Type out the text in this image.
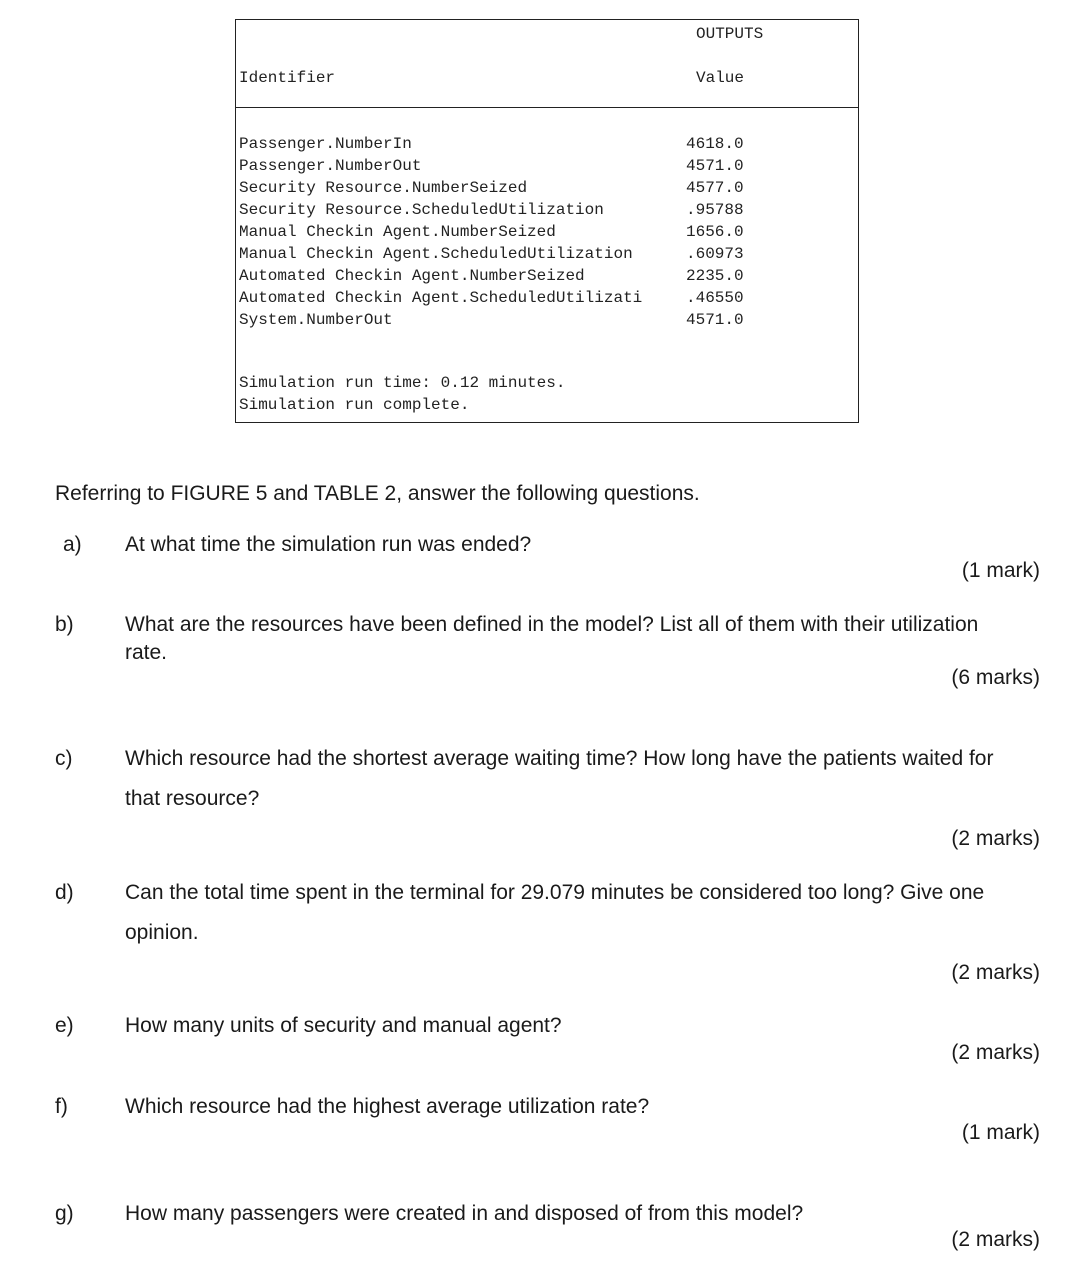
OUTPUTS
Identifier	Value
Passenger.NumberIn	4618.0
Passenger.NumberOut	4571.0
Security Resource.NumberSeized	4577.0
Security Resource.ScheduledUtilization	.95788
Manual Checkin Agent.NumberSeized	1656.0
Manual Checkin Agent.ScheduledUtilization	.60973
Automated Checkin Agent.NumberSeized	2235.0
Automated Checkin Agent.ScheduledUtilizati	.46550
System.NumberOut	4571.0
Simulation run time: 0.12 minutes.
Simulation run complete.
Referring to FIGURE 5 and TABLE 2, answer the following questions.
a) At what time the simulation run was ended?
(1 mark)
b) What are the resources have been defined in the model? List all of them with their utilization rate.
(6 marks)
c)	Which resource had the shortest average waiting time? How long have the patients waited for that resource?
(2 marks)
d) Can the total time spent in the terminal for 29.079 minutes be considered too long? Give one opinion.
(2 marks)
e) How many units of security and manual agent?
(2 marks)
f)	Which resource had the highest average utilization rate?
(1 mark)
g) How many passengers were created in and disposed of from this model?
(2 marks)
